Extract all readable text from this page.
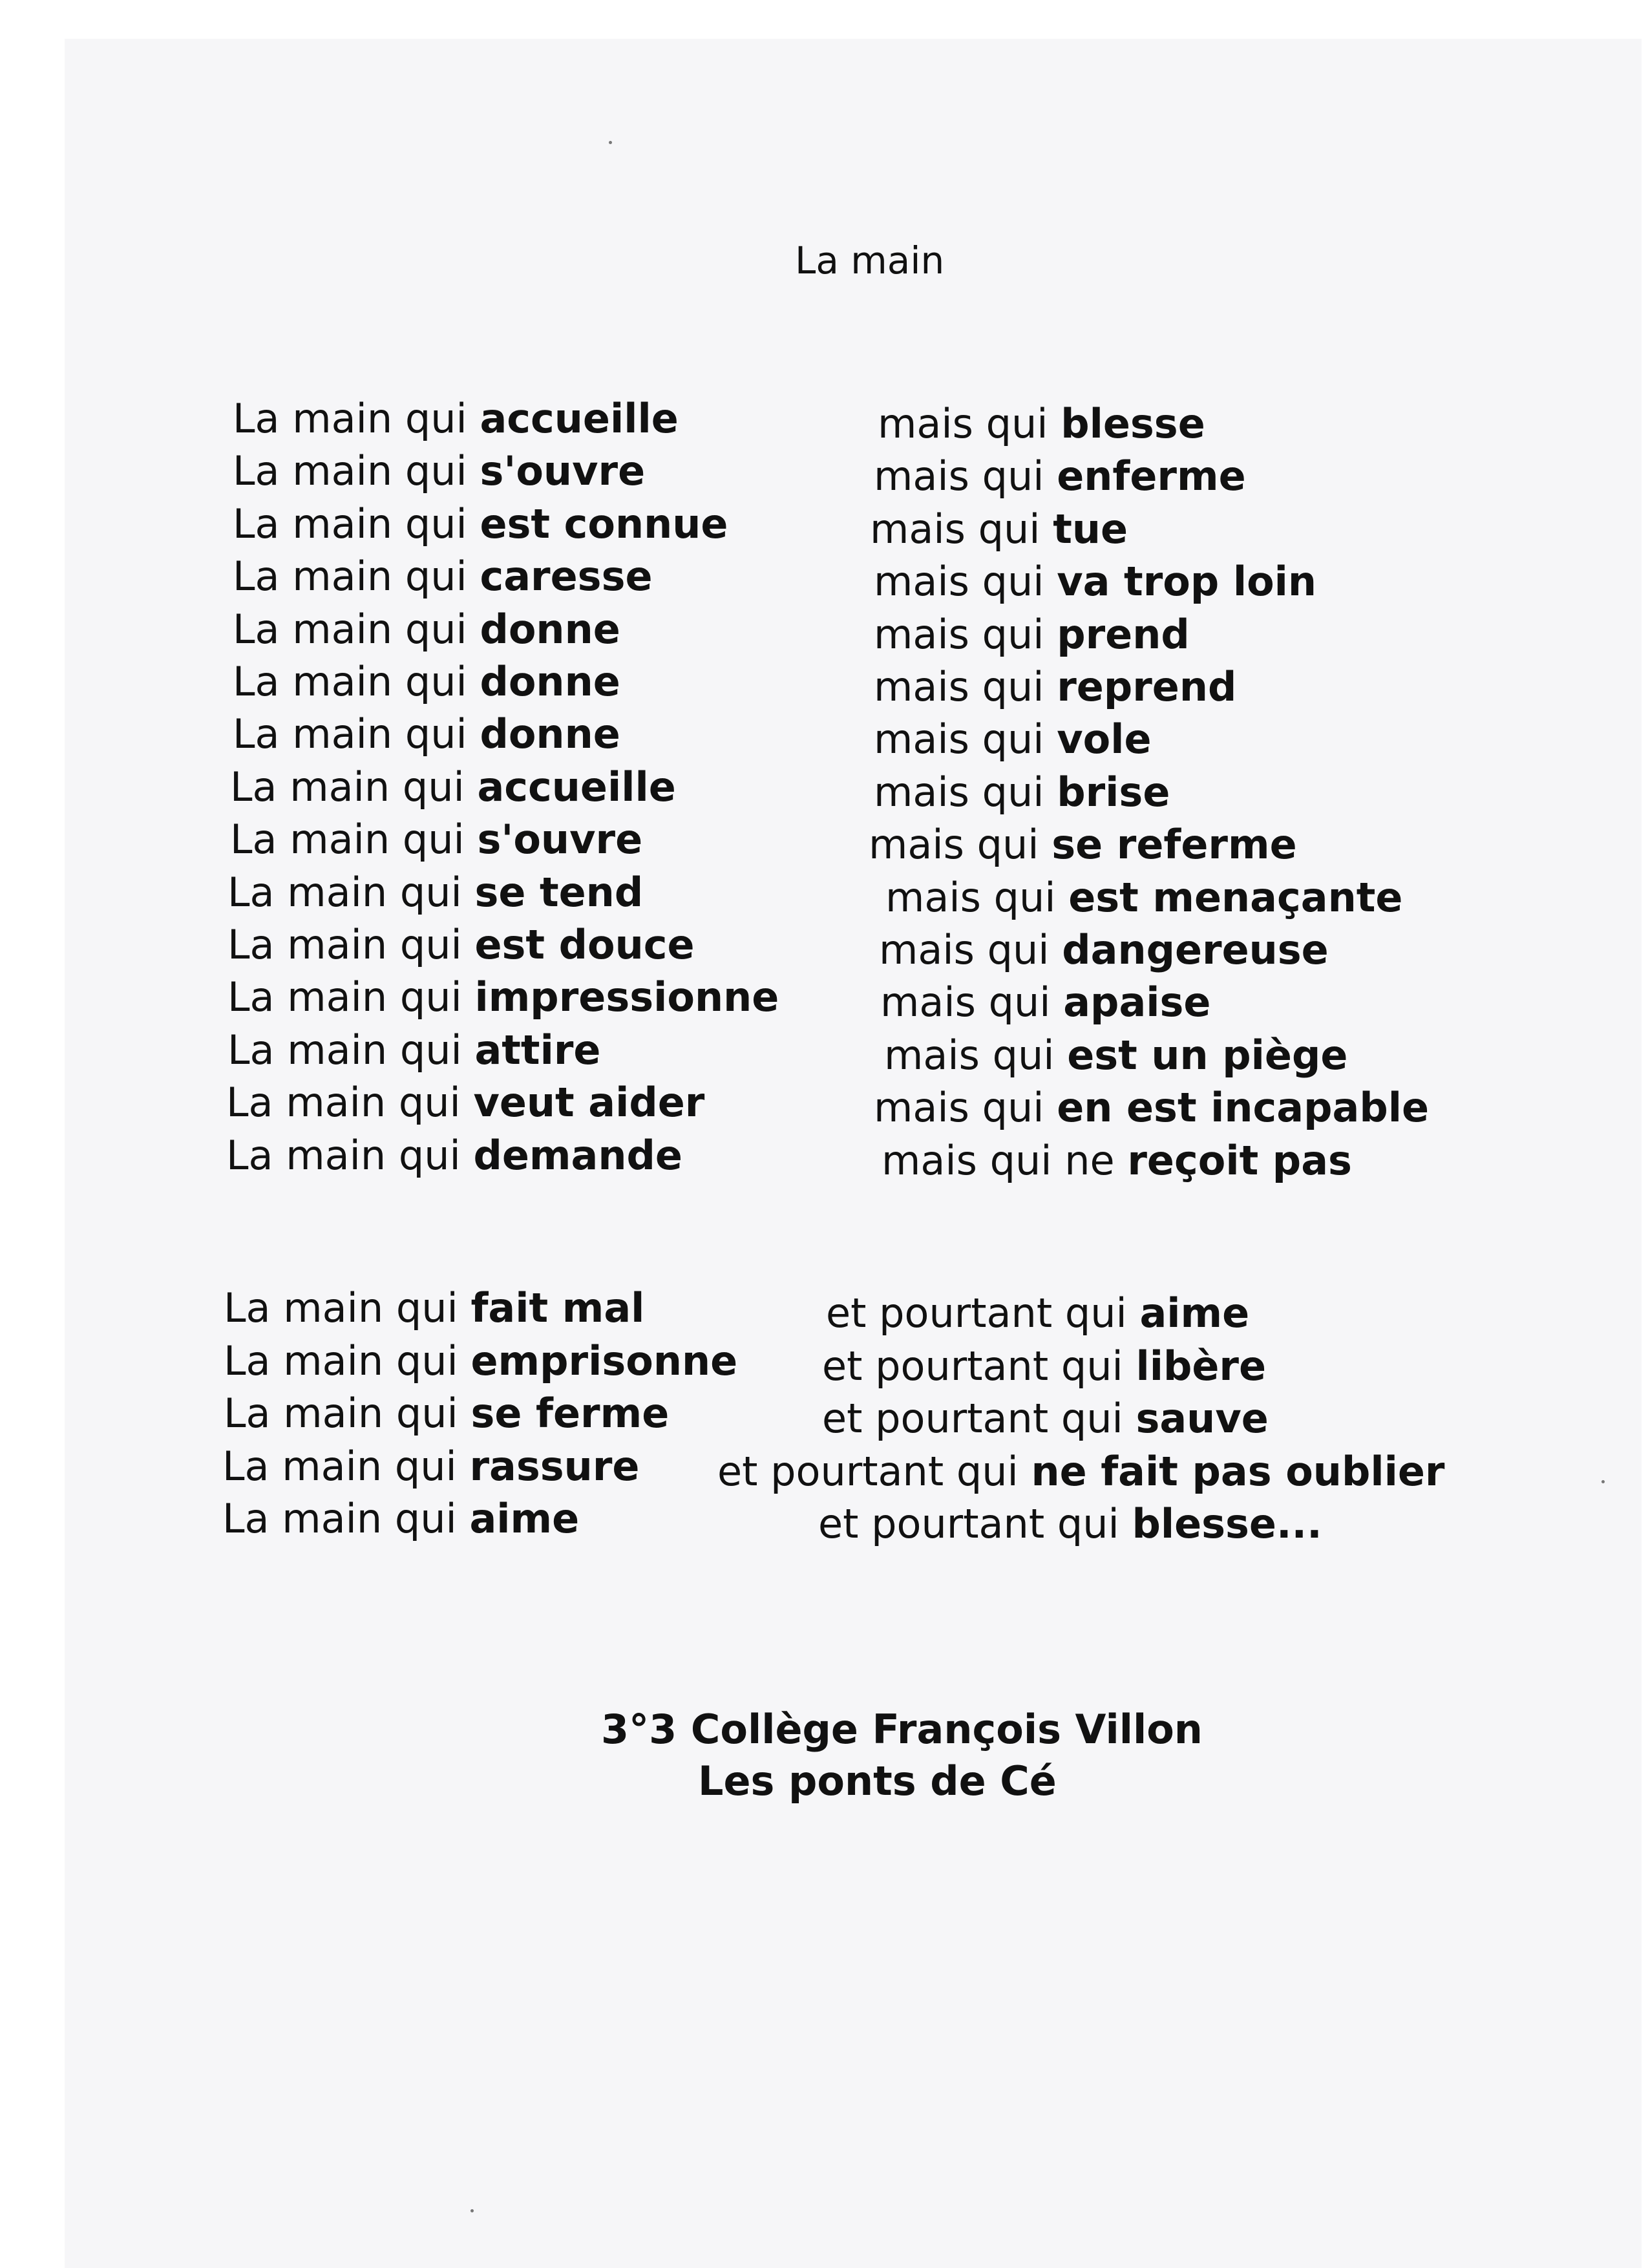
La main
La main qui accueille	mais qui blesse
La main qui s'ouvre	mais qui enferme
La main qui est connue	mais qui tue
La main qui caresse	mais qui va trop loin
La main qui donne	mais qui prend
La main qui donne	mais qui reprend
La main qui donne	mais qui vole
La main qui accueille	mais qui brise
La main qui s'ouvre	mais qui se referme
La main qui se tend	mais qui est menaçante
La main qui est douce	mais qui dangereuse
La main qui impressionne	mais qui apaise
La main qui attire	mais qui est un piège
La main qui veut aider	mais qui en est incapable
La main qui demande	mais qui ne reçoit pas
La main qui fait mal	et pourtant qui aime
La main qui emprisonne et pourtant qui libère
La main qui se ferme	et pourtant qui sauve
La main qui rassure et pourtant qui ne fait pas oublier
La main qui aime	et pourtant qui blesse...
3°3 Collège François Villon
Les ponts de Cé
